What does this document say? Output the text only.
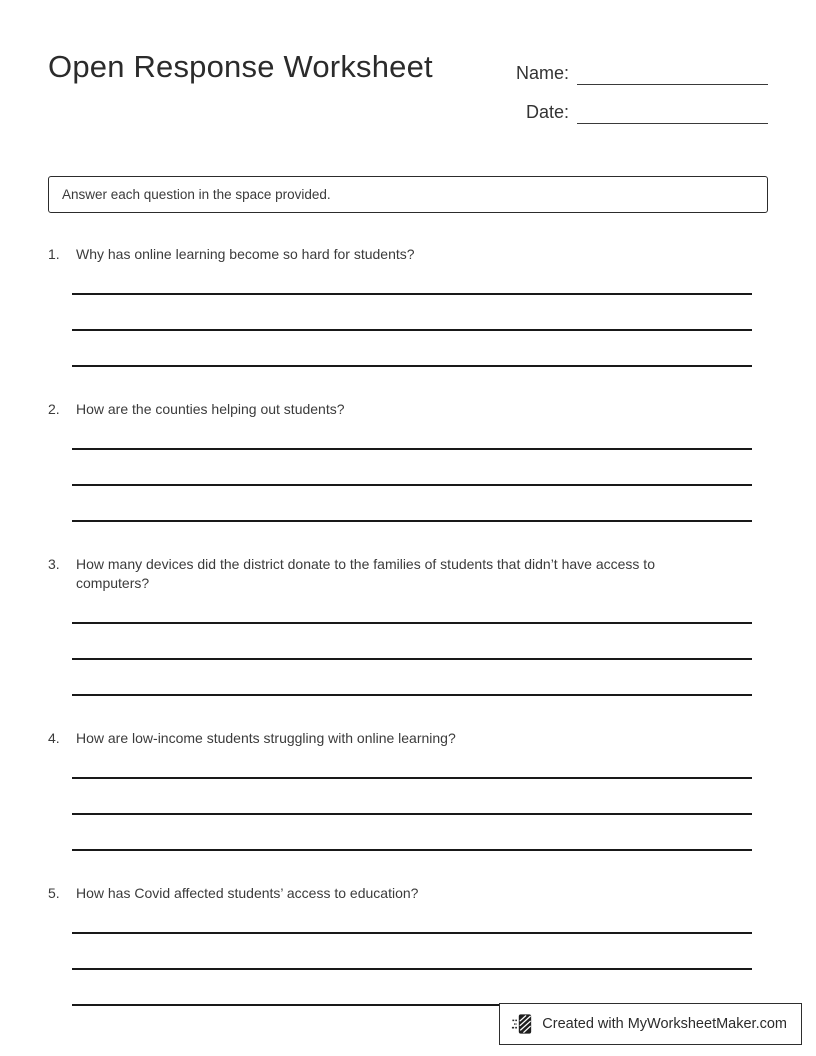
Open Response Worksheet	Name:
Date:
Answer each question in the space provided.
1.	Why has online learning become so hard for students?
2.	How are the counties helping out students?
3.	How many devices did the district donate to the families of students that didn’t have access to computers?
4.	How are low-income students struggling with online learning?
5.	How has Covid affected students’ access to education?
Created with MyWorksheetMaker.com
